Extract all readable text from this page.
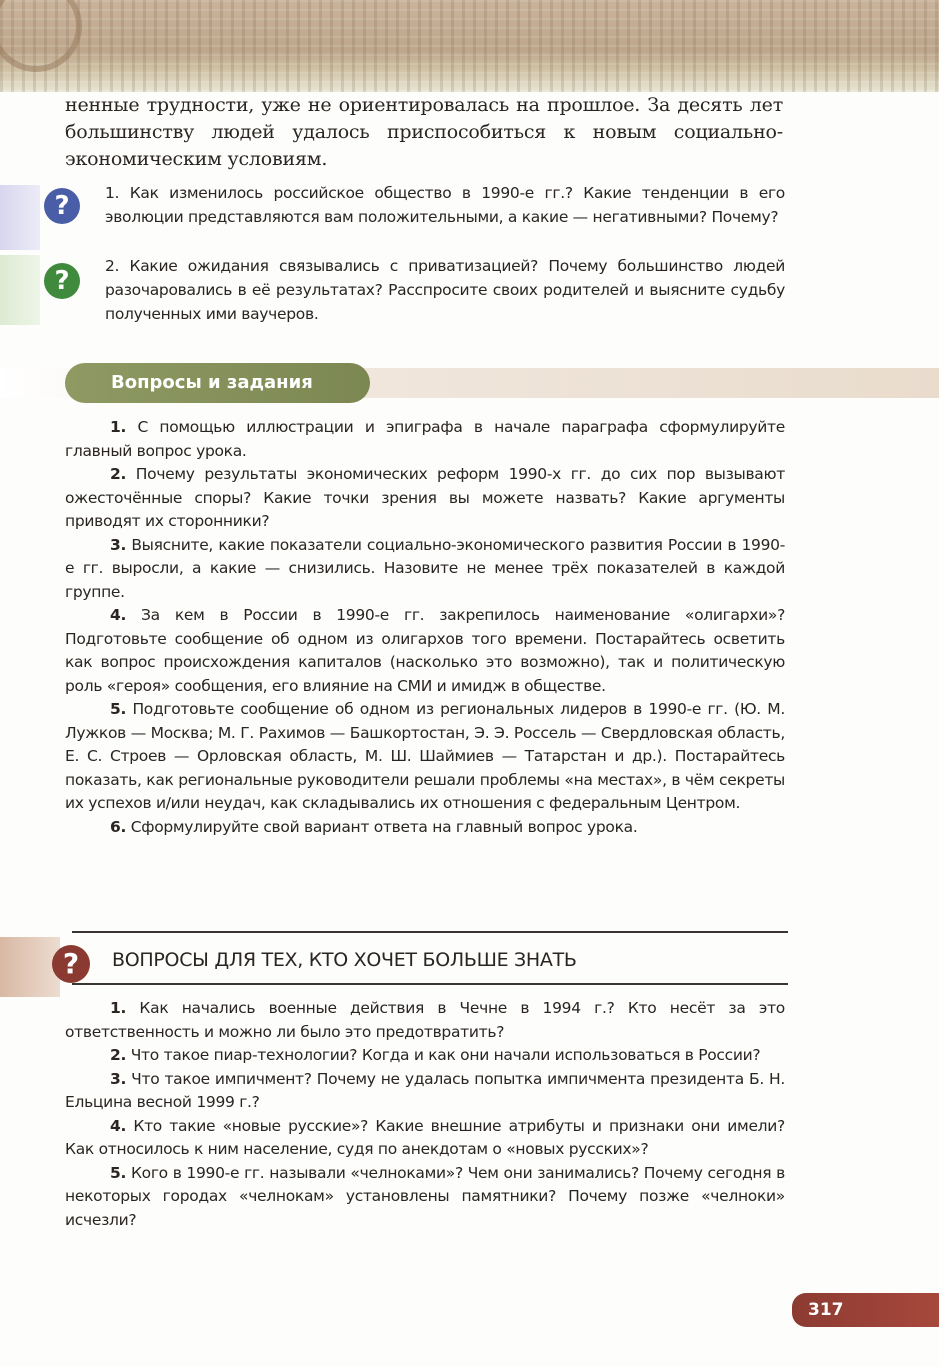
ненные трудности, уже не ориентировалась на прошлое. За десять лет большинству людей удалось приспособиться к новым социально-экономическим условиям.
?	1. Как изменилось российское общество в 1990-е гг.? Какие тенденции в его эволюции представляются вам положительными, а какие — негативными? Почему?
?	2. Какие ожидания связывались с приватизацией? Почему большинство людей разочаровались в её результатах? Расспросите своих родителей и выясните судьбу полученных ими ваучеров.
Вопросы и задания

1. С помощью иллюстрации и эпиграфа в начале параграфа сформулируйте главный вопрос урока.

2. Почему результаты экономических реформ 1990-х гг. до сих пор вызывают ожесточённые споры? Какие точки зрения вы можете назвать? Какие аргументы приводят их сторонники?

3. Выясните, какие показатели социально-экономического развития России в 1990-е гг. выросли, а какие — снизились. Назовите не менее трёх показателей в каждой группе.

4. За кем в России в 1990-е гг. закрепилось наименование «олигархи»? Подготовьте сообщение об одном из олигархов того времени. Постарайтесь осветить как вопрос происхождения капиталов (насколько это возможно), так и политическую роль «героя» сообщения, его влияние на СМИ и имидж в обществе.

5. Подготовьте сообщение об одном из региональных лидеров в 1990-е гг. (Ю. М. Лужков — Москва; М. Г. Рахимов — Башкортостан, Э. Э. Россель — Свердловская область, Е. С. Строев — Орловская область, М. Ш. Шаймиев — Татарстан и др.). Постарайтесь показать, как региональные руководители решали проблемы «на местах», в чём секреты их успехов и/или неудач, как складывались их отношения с федеральным Центром.

6. Сформулируйте свой вариант ответа на главный вопрос урока.

?	ВОПРОСЫ ДЛЯ ТЕХ, КТО ХОЧЕТ БОЛЬШЕ ЗНАТЬ

1. Как начались военные действия в Чечне в 1994 г.? Кто несёт за это ответственность и можно ли было это предотвратить?

2. Что такое пиар-технологии? Когда и как они начали использоваться в России?

3. Что такое импичмент? Почему не удалась попытка импичмента президента Б. Н. Ельцина весной 1999 г.?

4. Кто такие «новые русские»? Какие внешние атрибуты и признаки они имели? Как относилось к ним население, судя по анекдотам о «новых русских»?

5. Кого в 1990-е гг. называли «челноками»? Чем они занимались? Почему сегодня в некоторых городах «челнокам» установлены памятники? Почему позже «челноки» исчезли?

317
